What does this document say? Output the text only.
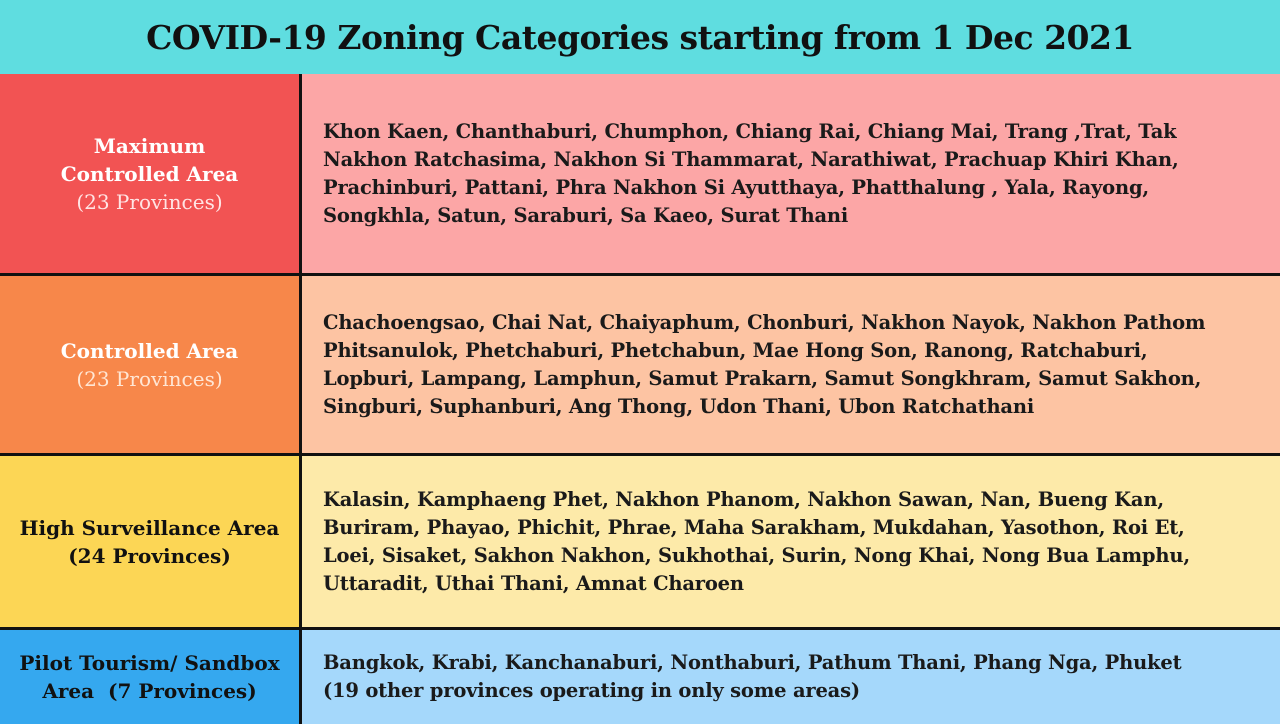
COVID-19 Zoning Categories starting from 1 Dec 2021
Maximum
Controlled Area
(23 Provinces)

Khon Kaen, Chanthaburi, Chumphon, Chiang Rai, Chiang Mai, Trang ,Trat, Tak
Nakhon Ratchasima, Nakhon Si Thammarat, Narathiwat, Prachuap Khiri Khan,
Prachinburi, Pattani, Phra Nakhon Si Ayutthaya, Phatthalung , Yala, Rayong,
Songkhla, Satun, Saraburi, Sa Kaeo, Surat Thani

Controlled Area
(23 Provinces)

Chachoengsao, Chai Nat, Chaiyaphum, Chonburi, Nakhon Nayok, Nakhon Pathom
Phitsanulok, Phetchaburi, Phetchabun, Mae Hong Son, Ranong, Ratchaburi,
Lopburi, Lampang, Lamphun, Samut Prakarn, Samut Songkhram, Samut Sakhon,
Singburi, Suphanburi, Ang Thong, Udon Thani, Ubon Ratchathani

High Surveillance Area
(24 Provinces)

Kalasin, Kamphaeng Phet, Nakhon Phanom, Nakhon Sawan, Nan, Bueng Kan,
Buriram, Phayao, Phichit, Phrae, Maha Sarakham, Mukdahan, Yasothon, Roi Et,
Loei, Sisaket, Sakhon Nakhon, Sukhothai, Surin, Nong Khai, Nong Bua Lamphu,
Uttaradit, Uthai Thani, Amnat Charoen

Pilot Tourism/ Sandbox
Area  (7 Provinces)

Bangkok, Krabi, Kanchanaburi, Nonthaburi, Pathum Thani, Phang Nga, Phuket
(19 other provinces operating in only some areas)
